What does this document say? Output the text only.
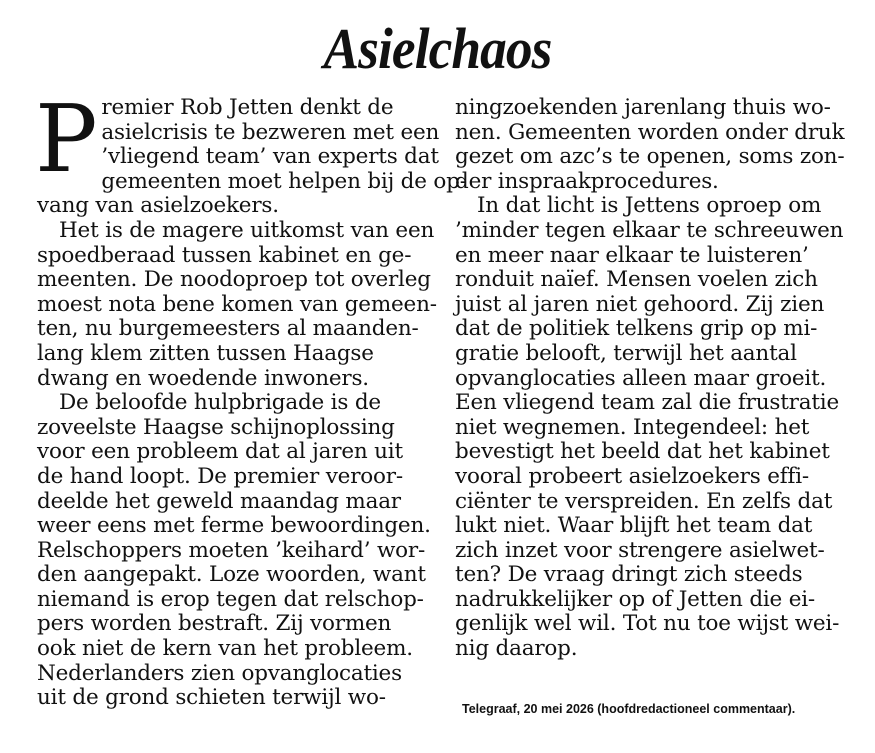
Asielchaos

P remier Rob Jetten denkt de
asielcrisis te bezweren met een
’vliegend team’ van experts dat
gemeenten moet helpen bij de op-
vang van asielzoekers.

Het is de magere uitkomst van een
spoedberaad tussen kabinet en ge-
meenten. De noodoproep tot overleg
moest nota bene komen van gemeen-
ten, nu burgemeesters al maanden-
lang klem zitten tussen Haagse
dwang en woedende inwoners.

De beloofde hulpbrigade is de
zoveelste Haagse schijnoplossing
voor een probleem dat al jaren uit
de hand loopt. De premier veroor-
deelde het geweld maandag maar
weer eens met ferme bewoordingen.
Relschoppers moeten ’keihard’ wor-
den aangepakt. Loze woorden, want
niemand is erop tegen dat relschop-
pers worden bestraft. Zij vormen
ook niet de kern van het probleem.
Nederlanders zien opvanglocaties
uit de grond schieten terwijl wo-

ningzoekenden jarenlang thuis wo-
nen. Gemeenten worden onder druk
gezet om azc’s te openen, soms zon-
der inspraakprocedures.

In dat licht is Jettens oproep om
’minder tegen elkaar te schreeuwen
en meer naar elkaar te luisteren’
ronduit naïef. Mensen voelen zich
juist al jaren niet gehoord. Zij zien
dat de politiek telkens grip op mi-
gratie belooft, terwijl het aantal
opvanglocaties alleen maar groeit.
Een vliegend team zal die frustratie
niet wegnemen. Integendeel: het
bevestigt het beeld dat het kabinet
vooral probeert asielzoekers effi-
ciënter te verspreiden. En zelfs dat
lukt niet. Waar blijft het team dat
zich inzet voor strengere asielwet-
ten? De vraag dringt zich steeds
nadrukkelijker op of Jetten die ei-
genlijk wel wil. Tot nu toe wijst wei-
nig daarop.

Telegraaf, 20 mei 2026 (hoofdredactioneel commentaar).
